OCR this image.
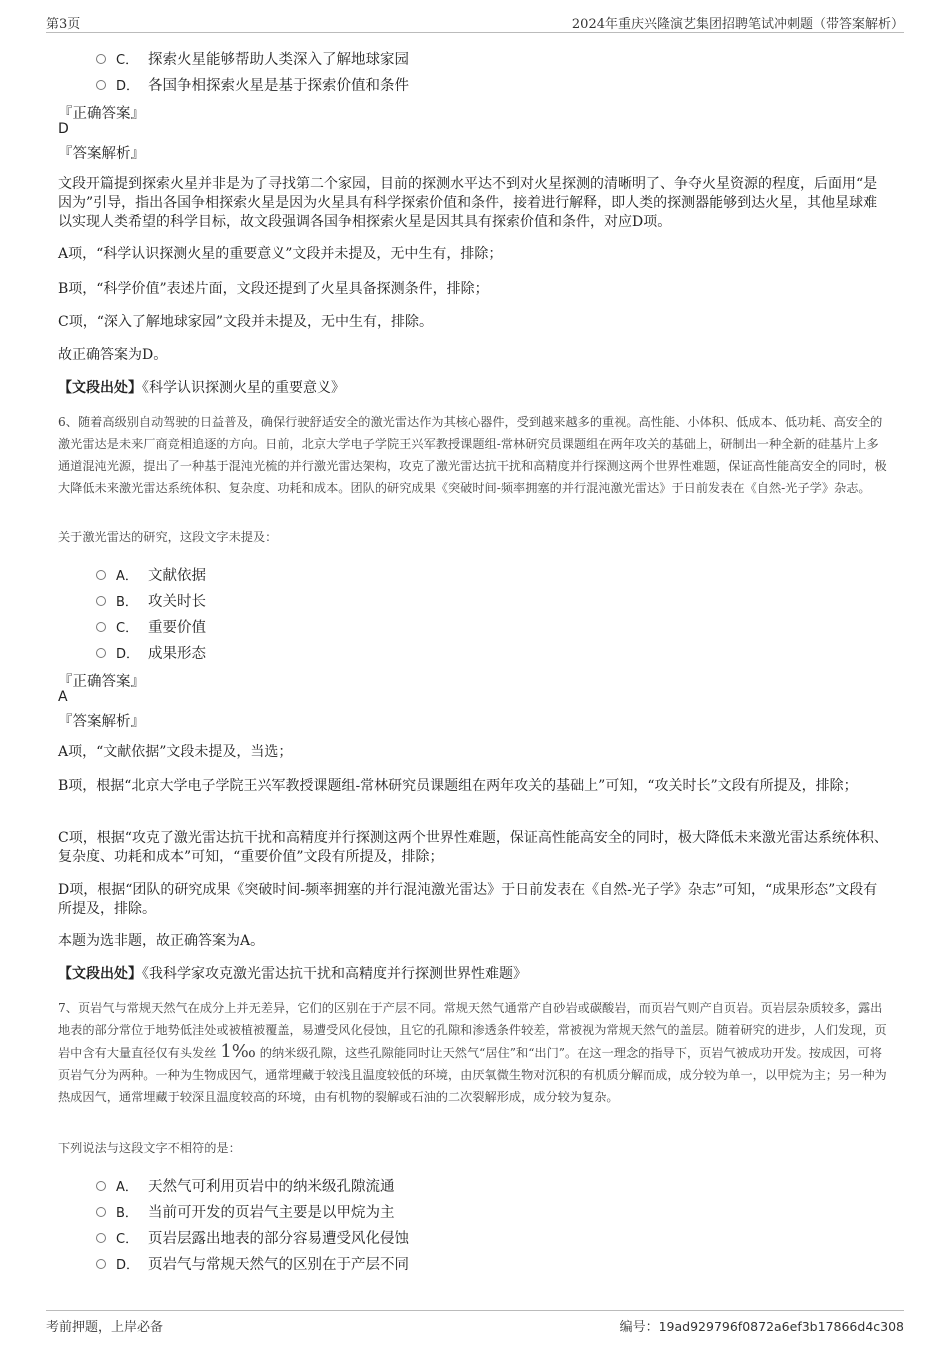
第3页	2024年重庆兴隆演艺集团招聘笔试冲刺题（带答案解析）
C． 探索火星能够帮助人类深入了解地球家园
D． 各国争相探索火星是基于探索价值和条件
『正确答案』
D
『答案解析』
文段开篇提到探索火星并非是为了寻找第二个家园，目前的探测水平达不到对火星探测的清晰明了、争夺火星资源的程度，后面用“是因为”引导，指出各国争相探索火星是因为火星具有科学探索价值和条件，接着进行解释，即人类的探测器能够到达火星，其他星球难以实现人类希望的科学目标，故文段强调各国争相探索火星是因其具有探索价值和条件，对应D项。
A项，“科学认识探测火星的重要意义”文段并未提及，无中生有，排除；
B项，“科学价值”表述片面，文段还提到了火星具备探测条件，排除；
C项，“深入了解地球家园”文段并未提及，无中生有，排除。
故正确答案为D。
【文段出处】《科学认识探测火星的重要意义》
6、随着高级别自动驾驶的日益普及，确保行驶舒适安全的激光雷达作为其核心器件，受到越来越多的重视。高性能、小体积、低成本、低功耗、高安全的激光雷达是未来厂商竞相追逐的方向。日前，北京大学电子学院王兴军教授课题组-常林研究员课题组在两年攻关的基础上，研制出一种全新的硅基片上多通道混沌光源，提出了一种基于混沌光梳的并行激光雷达架构，攻克了激光雷达抗干扰和高精度并行探测这两个世界性难题，保证高性能高安全的同时，极大降低未来激光雷达系统体积、复杂度、功耗和成本。团队的研究成果《突破时间-频率拥塞的并行混沌激光雷达》于日前发表在《自然-光子学》杂志。
关于激光雷达的研究，这段文字未提及：
A． 文献依据
B． 攻关时长
C． 重要价值
D． 成果形态
『正确答案』
A
『答案解析』
A项，“文献依据”文段未提及，当选；
B项，根据“北京大学电子学院王兴军教授课题组-常林研究员课题组在两年攻关的基础上”可知，“攻关时长”文段有所提及，排除；
C项，根据“攻克了激光雷达抗干扰和高精度并行探测这两个世界性难题，保证高性能高安全的同时，极大降低未来激光雷达系统体积、复杂度、功耗和成本”可知，“重要价值”文段有所提及，排除；
D项，根据“团队的研究成果《突破时间-频率拥塞的并行混沌激光雷达》于日前发表在《自然-光子学》杂志”可知，“成果形态”文段有所提及，排除。
本题为选非题，故正确答案为A。
【文段出处】《我科学家攻克激光雷达抗干扰和高精度并行探测世界性难题》
7、页岩气与常规天然气在成分上并无差异，它们的区别在于产层不同。常规天然气通常产自砂岩或碳酸岩，而页岩气则产自页岩。页岩层杂质较多，露出地表的部分常位于地势低洼处或被植被覆盖，易遭受风化侵蚀，且它的孔隙和渗透条件较差，常被视为常规天然气的盖层。随着研究的进步，人们发现，页岩中含有大量直径仅有头发丝 1‰ 的纳米级孔隙，这些孔隙能同时让天然气“居住”和“出门”。在这一理念的指导下，页岩气被成功开发。按成因，可将页岩气分为两种。一种为生物成因气，通常埋藏于较浅且温度较低的环境，由厌氧微生物对沉积的有机质分解而成，成分较为单一，以甲烷为主；另一种为热成因气，通常埋藏于较深且温度较高的环境，由有机物的裂解或石油的二次裂解形成，成分较为复杂。
下列说法与这段文字不相符的是：
A． 天然气可利用页岩中的纳米级孔隙流通
B． 当前可开发的页岩气主要是以甲烷为主
C． 页岩层露出地表的部分容易遭受风化侵蚀
D． 页岩气与常规天然气的区别在于产层不同
考前押题，上岸必备	编号：19ad929796f0872a6ef3b17866d4c308
